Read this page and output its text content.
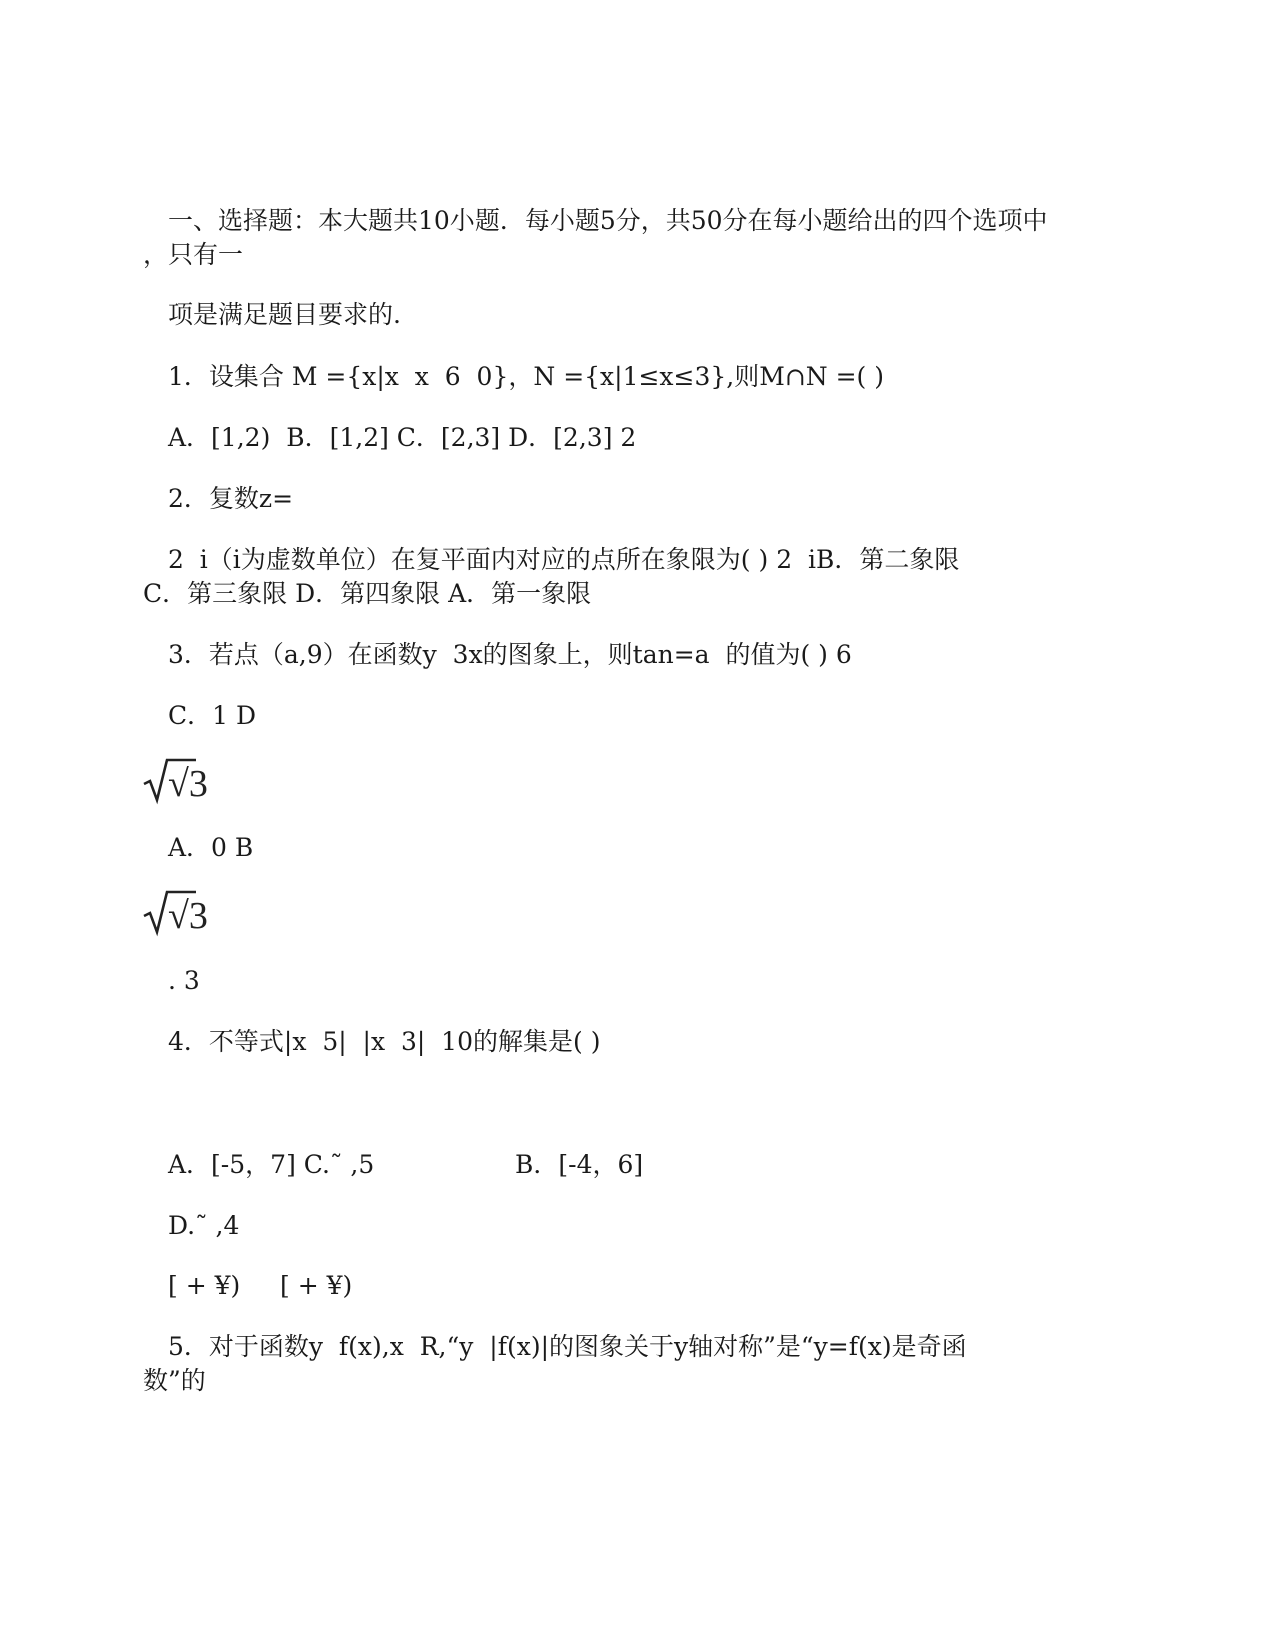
一、选择题：本大题共10小题．每小题5分，共50分在每小题给出的四个选项中
，只有一
项是满足题目要求的.
1．设集合 M ={x|x  x  6  0}，N ={x|1≤x≤3},则M∩N =( )
A．[1,2)  B．[1,2] C．[2,3] D．[2,3] 2
2．复数z=
2  i（i为虚数单位）在复平面内对应的点所在象限为( ) 2  iB．第二象限
C．第三象限 D．第四象限 A．第一象限
3．若点（a,9）在函数y  3x的图象上，则tan=a  的值为( ) 6
C．1 D
√3
A．0 B
√3
. 3
4．不等式|x  5|  |x  3|  10的解集是( )
A．[-5，7] C.˜ ,5	B．[-4，6]
D.˜ ,4
[ + ¥)     [ + ¥)
5．对于函数y  f(x),x  R,“y  |f(x)|的图象关于y轴对称”是“y=f(x)是奇函
数”的
